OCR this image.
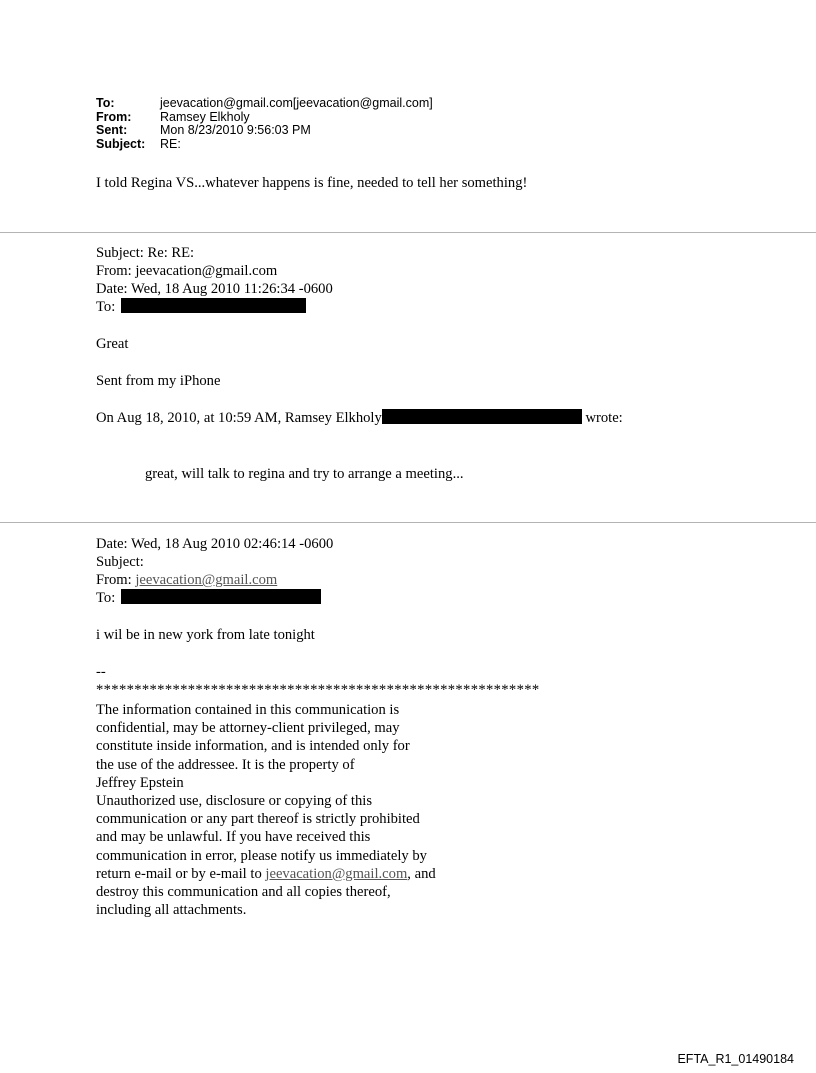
To:	jeevacation@gmail.com[jeevacation@gmail.com]
From:	Ramsey Elkholy
Sent:	Mon 8/23/2010 9:56:03 PM
Subject:	RE:
I told Regina VS...whatever happens is fine, needed to tell her something!
Subject: Re: RE:
From: jeevacation@gmail.com
Date: Wed, 18 Aug 2010 11:26:34 -0600
To:
Great
Sent from my iPhone
On Aug 18, 2010, at 10:59 AM, Ramsey Elkholy	wrote:
great, will talk to regina and try to arrange a meeting...
Date: Wed, 18 Aug 2010 02:46:14 -0600
Subject:
From: jeevacation@gmail.com
To:
i wil be in new york from late tonight
--
**********************************************************
The information contained in this communication is
confidential, may be attorney-client privileged, may
constitute inside information, and is intended only for
the use of the addressee. It is the property of
Jeffrey Epstein
Unauthorized use, disclosure or copying of this
communication or any part thereof is strictly prohibited
and may be unlawful. If you have received this
communication in error, please notify us immediately by
return e-mail or by e-mail to jeevacation@gmail.com, and
destroy this communication and all copies thereof,
including all attachments.
EFTA_R1_01490184
